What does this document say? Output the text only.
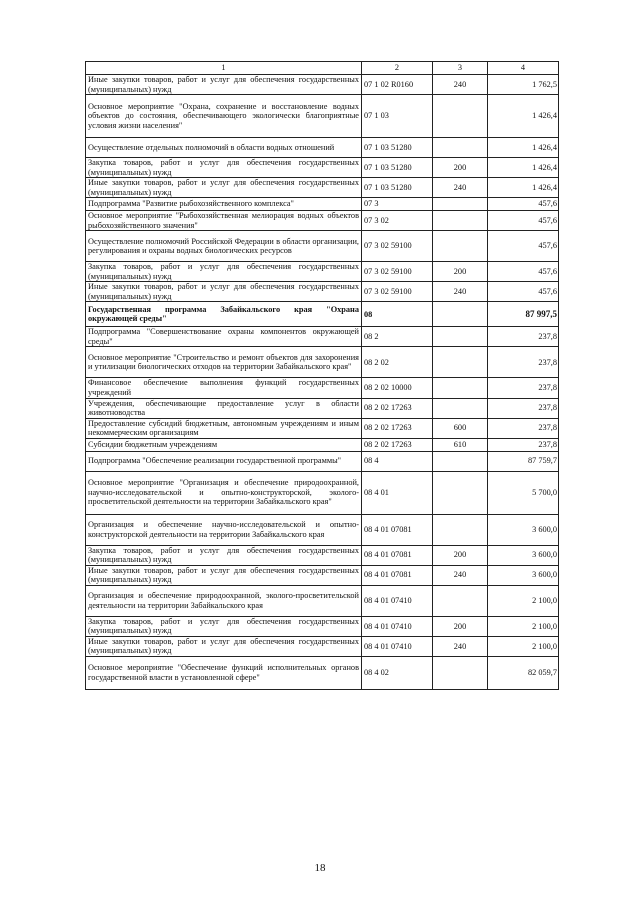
1	2	3	4
Иные закупки товаров, работ и услуг для обеспечения государственных (муниципальных) нужд	07 1 02 R0160	240	1 762,5
Основное мероприятие "Охрана, сохранение и восстановление водных объектов до состояния, обеспечивающего экологически благоприятные условия жизни населения"	07 1 03		1 426,4
Осуществление отдельных полномочий в области водных отношений	07 1 03 51280		1 426,4
Закупка товаров, работ и услуг для обеспечения государственных (муниципальных) нужд	07 1 03 51280	200	1 426,4
Иные закупки товаров, работ и услуг для обеспечения государственных (муниципальных) нужд	07 1 03 51280	240	1 426,4
Подпрограмма "Развитие рыбохозяйственного комплекса"	07 3		457,6
Основное мероприятие "Рыбохозяйственная мелиорация водных объектов рыбохозяйственного значения"	07 3 02		457,6
Осуществление полномочий Российской Федерации в области организации, регулирования и охраны водных биологических ресурсов	07 3 02 59100		457,6
Закупка товаров, работ и услуг для обеспечения государственных (муниципальных) нужд	07 3 02 59100	200	457,6
Иные закупки товаров, работ и услуг для обеспечения государственных (муниципальных) нужд	07 3 02 59100	240	457,6
Государственная программа Забайкальского края "Охрана окружающей среды"	08		87 997,5
Подпрограмма "Совершенствование охраны компонентов окружающей среды"	08 2		237,8
Основное мероприятие "Строительство и ремонт объектов для захоронения и утилизации биологических отходов на территории Забайкальского края"	08 2 02		237,8
Финансовое обеспечение выполнения функций государственных учреждений	08 2 02 10000		237,8
Учреждения, обеспечивающие предоставление услуг в области животноводства	08 2 02 17263		237,8
Предоставление субсидий бюджетным, автономным учреждениям и иным некоммерческим организациям	08 2 02 17263	600	237,8
Субсидии бюджетным учреждениям	08 2 02 17263	610	237,8
Подпрограмма "Обеспечение реализации государственной программы"	08 4		87 759,7
Основное мероприятие "Организация и обеспечение природоохранной, научно-исследовательской и опытно-конструкторской, эколого-просветительской деятельности на территории Забайкальского края"	08 4 01		5 700,0
Организация и обеспечение научно-исследовательской и опытно-конструкторской деятельности на территории Забайкальского края	08 4 01 07081		3 600,0
Закупка товаров, работ и услуг для обеспечения государственных (муниципальных) нужд	08 4 01 07081	200	3 600,0
Иные закупки товаров, работ и услуг для обеспечения государственных (муниципальных) нужд	08 4 01 07081	240	3 600,0
Организация и обеспечение природоохранной, эколого-просветительской деятельности на территории Забайкальского края	08 4 01 07410		2 100,0
Закупка товаров, работ и услуг для обеспечения государственных (муниципальных) нужд	08 4 01 07410	200	2 100,0
Иные закупки товаров, работ и услуг для обеспечения государственных (муниципальных) нужд	08 4 01 07410	240	2 100,0
Основное мероприятие "Обеспечение функций исполнительных органов государственной власти в установленной сфере"	08 4 02		82 059,7
18
